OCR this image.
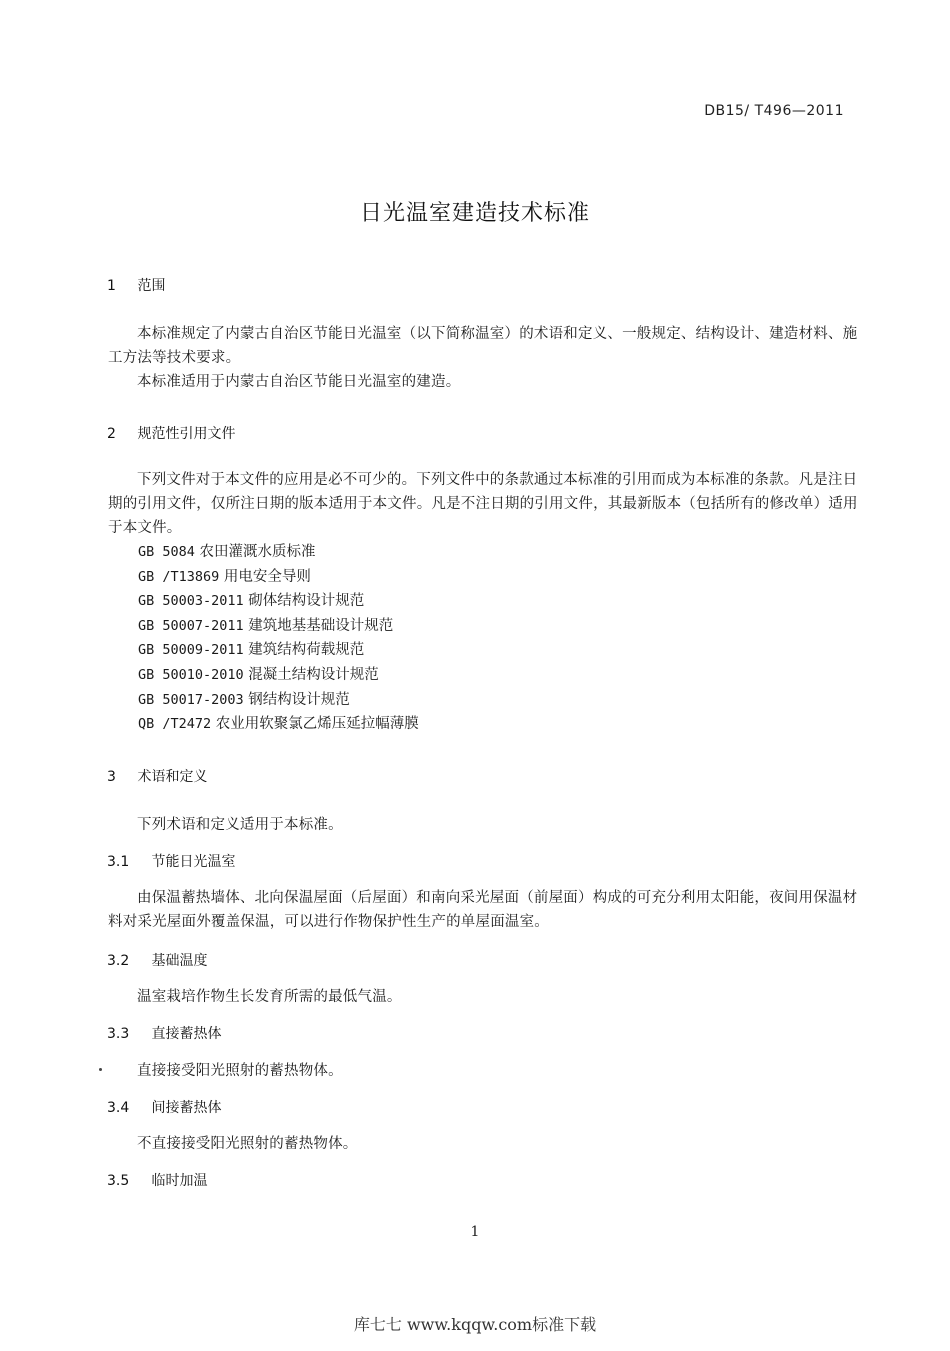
DB15/ T496—2011
日光温室建造技术标准
1 范围

本标准规定了内蒙古自治区节能日光温室（以下简称温室）的术语和定义、一般规定、结构设计、建造材料、施工方法等技术要求。

本标准适用于内蒙古自治区节能日光温室的建造。

2 规范性引用文件

下列文件对于本文件的应用是必不可少的。下列文件中的条款通过本标准的引用而成为本标准的条款。凡是注日期的引用文件，仅所注日期的版本适用于本文件。凡是不注日期的引用文件，其最新版本（包括所有的修改单）适用于本文件。

GB 5084 农田灌溉水质标准
GB /T13869 用电安全导则
GB 50003-2011 砌体结构设计规范
GB 50007-2011 建筑地基基础设计规范
GB 50009-2011 建筑结构荷载规范
GB 50010-2010 混凝土结构设计规范
GB 50017-2003 钢结构设计规范
QB /T2472 农业用软聚氯乙烯压延拉幅薄膜
3 术语和定义

下列术语和定义适用于本标准。

3.1 节能日光温室

由保温蓄热墙体、北向保温屋面（后屋面）和南向采光屋面（前屋面）构成的可充分利用太阳能，夜间用保温材料对采光屋面外覆盖保温，可以进行作物保护性生产的单屋面温室。

3.2 基础温度

温室栽培作物生长发育所需的最低气温。

3.3 直接蓄热体

直接接受阳光照射的蓄热物体。

3.4 间接蓄热体

不直接接受阳光照射的蓄热物体。

3.5 临时加温
1
库七七 www.kqqw.com标准下载
